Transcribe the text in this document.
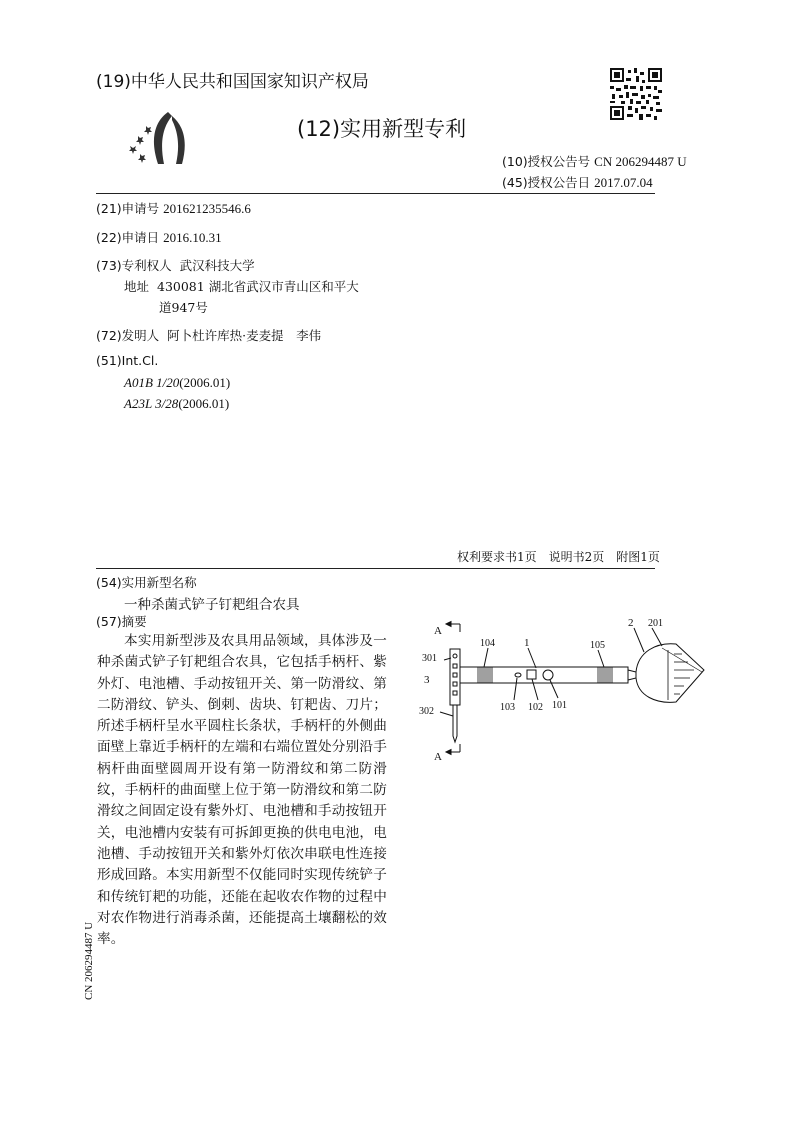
(19)中华人民共和国国家知识产权局
(12)实用新型专利
(10)授权公告号 CN 206294487 U
(45)授权公告日 2017.07.04
(21)申请号 201621235546.6
(22)申请日 2016.10.31
(73)专利权人 武汉科技大学
地址 430081 湖北省武汉市青山区和平大
道947号
(72)发明人 阿卜杜许库热·麦麦提　李伟
(51)Int.Cl.
A01B 1/20(2006.01)
A23L 3/28(2006.01)
权利要求书1页　说明书2页　附图1页
(54)实用新型名称
一种杀菌式铲子钉耙组合农具
(57)摘要
本实用新型涉及农具用品领域，具体涉及一种杀菌式铲子钉耙组合农具，它包括手柄杆、紫外灯、电池槽、手动按钮开关、第一防滑纹、第二防滑纹、铲头、倒刺、齿块、钉耙齿、刀片；所述手柄杆呈水平圆柱长条状，手柄杆的外侧曲面壁上靠近手柄杆的左端和右端位置处分别沿手柄杆曲面壁圆周开设有第一防滑纹和第二防滑纹，手柄杆的曲面壁上位于第一防滑纹和第二防滑纹之间固定设有紫外灯、电池槽和手动按钮开关，电池槽内安装有可拆卸更换的供电电池，电池槽、手动按钮开关和紫外灯依次串联电性连接形成回路。本实用新型不仅能同时实现传统铲子和传统钉耙的功能，还能在起收农作物的过程中对农作物进行消毒杀菌，还能提高土壤翻松的效率。
CN 206294487 U
A
A
301
3
302
104	1	105
2 201
103 102 101
